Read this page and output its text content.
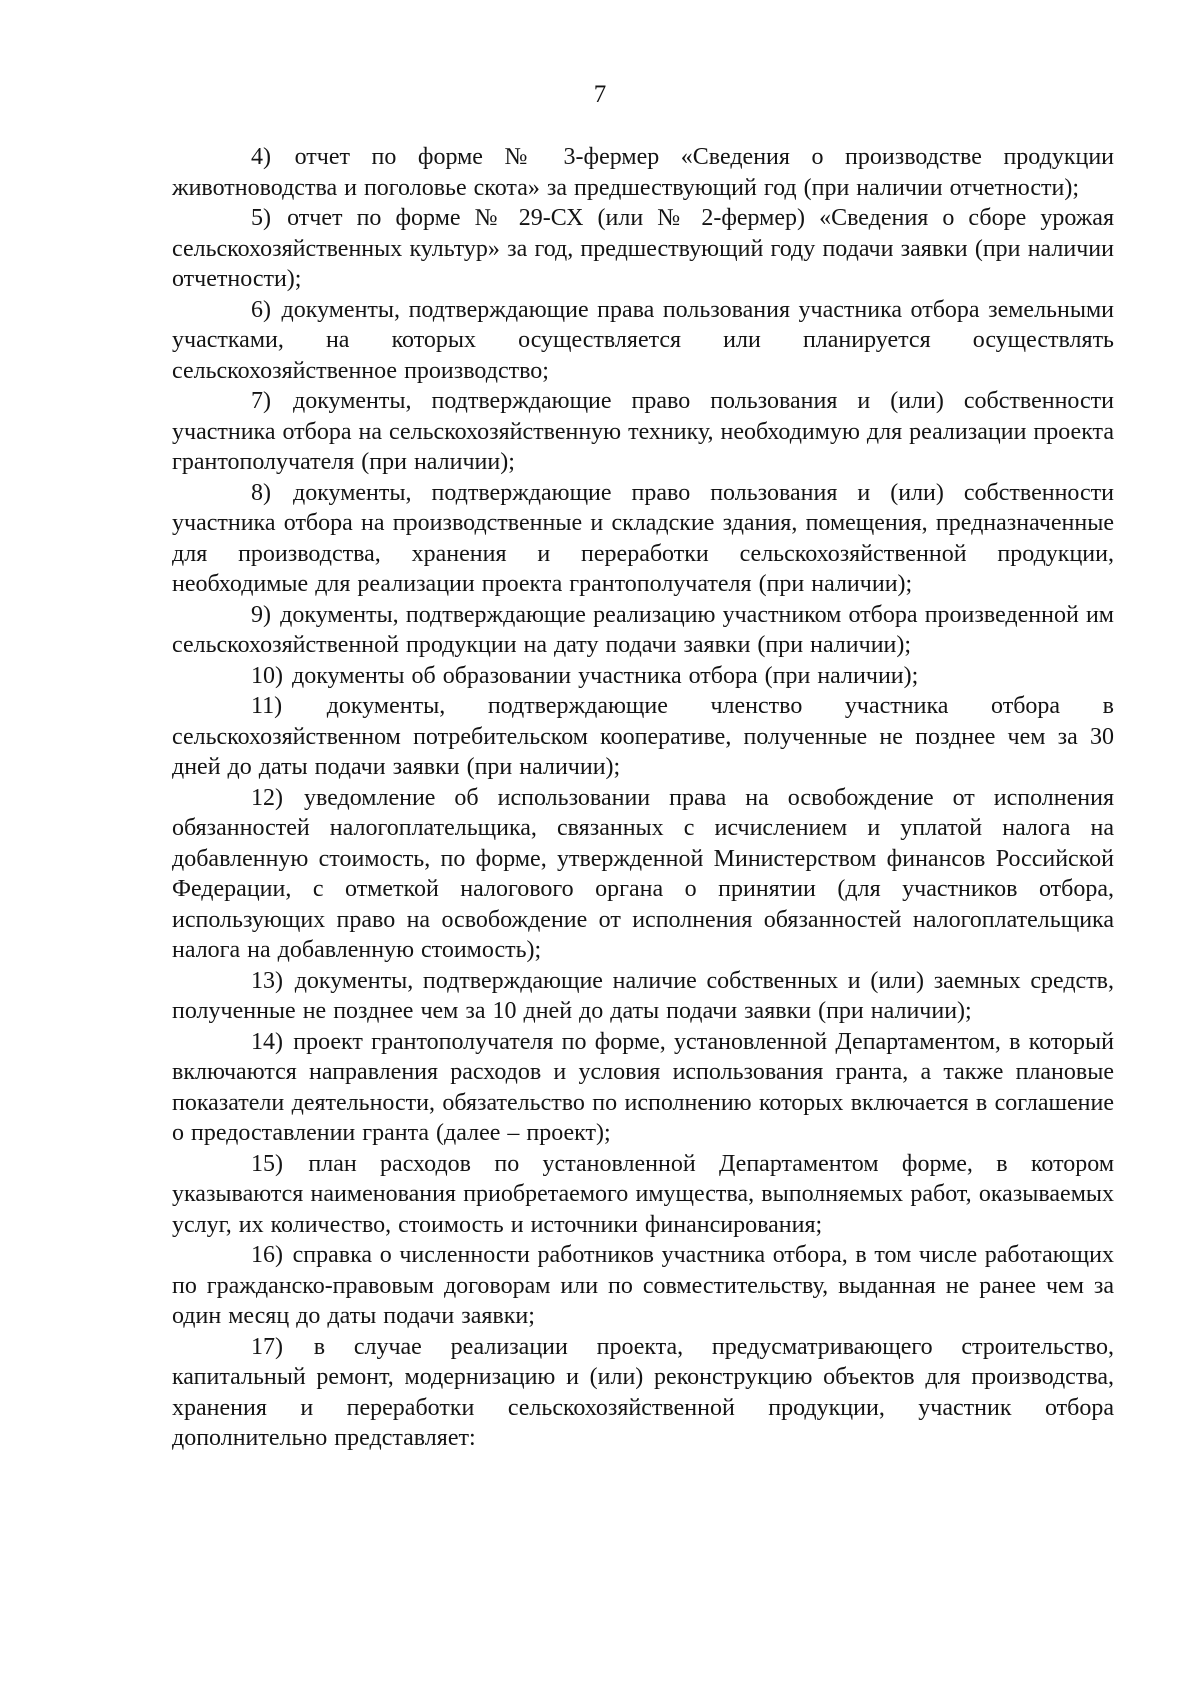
7

4) отчет по форме № 3-фермер «Сведения о производстве продукции животноводства и поголовье скота» за предшествующий год (при наличии отчетности);

5) отчет по форме № 29-СХ (или № 2-фермер) «Сведения о сборе урожая сельскохозяйственных культур» за год, предшествующий году подачи заявки (при наличии отчетности);

6) документы, подтверждающие права пользования участника отбора земельными участками, на которых осуществляется или планируется осуществлять сельскохозяйственное производство;

7) документы, подтверждающие право пользования и (или) собственности участника отбора на сельскохозяйственную технику, необходимую для реализации проекта грантополучателя (при наличии);

8) документы, подтверждающие право пользования и (или) собственности участника отбора на производственные и складские здания, помещения, предназначенные для производства, хранения и переработки сельскохозяйственной продукции, необходимые для реализации проекта грантополучателя (при наличии);

9) документы, подтверждающие реализацию участником отбора произведенной им сельскохозяйственной продукции на дату подачи заявки (при наличии);

10) документы об образовании участника отбора (при наличии);

11) документы, подтверждающие членство участника отбора в сельскохозяйственном потребительском кооперативе, полученные не позднее чем за 30 дней до даты подачи заявки (при наличии);

12) уведомление об использовании права на освобождение от исполнения обязанностей налогоплательщика, связанных с исчислением и уплатой налога на добавленную стоимость, по форме, утвержденной Министерством финансов Российской Федерации, с отметкой налогового органа о принятии (для участников отбора, использующих право на освобождение от исполнения обязанностей налогоплательщика налога на добавленную стоимость);

13) документы, подтверждающие наличие собственных и (или) заемных средств, полученные не позднее чем за 10 дней до даты подачи заявки (при наличии);

14) проект грантополучателя по форме, установленной Департаментом, в который включаются направления расходов и условия использования гранта, а также плановые показатели деятельности, обязательство по исполнению которых включается в соглашение о предоставлении гранта (далее – проект);

15) план расходов по установленной Департаментом форме, в котором указываются наименования приобретаемого имущества, выполняемых работ, оказываемых услуг, их количество, стоимость и источники финансирования;

16) справка о численности работников участника отбора, в том числе работающих по гражданско-правовым договорам или по совместительству, выданная не ранее чем за один месяц до даты подачи заявки;

17) в случае реализации проекта, предусматривающего строительство, капитальный ремонт, модернизацию и (или) реконструкцию объектов для производства, хранения и переработки сельскохозяйственной продукции, участник отбора дополнительно представляет:
